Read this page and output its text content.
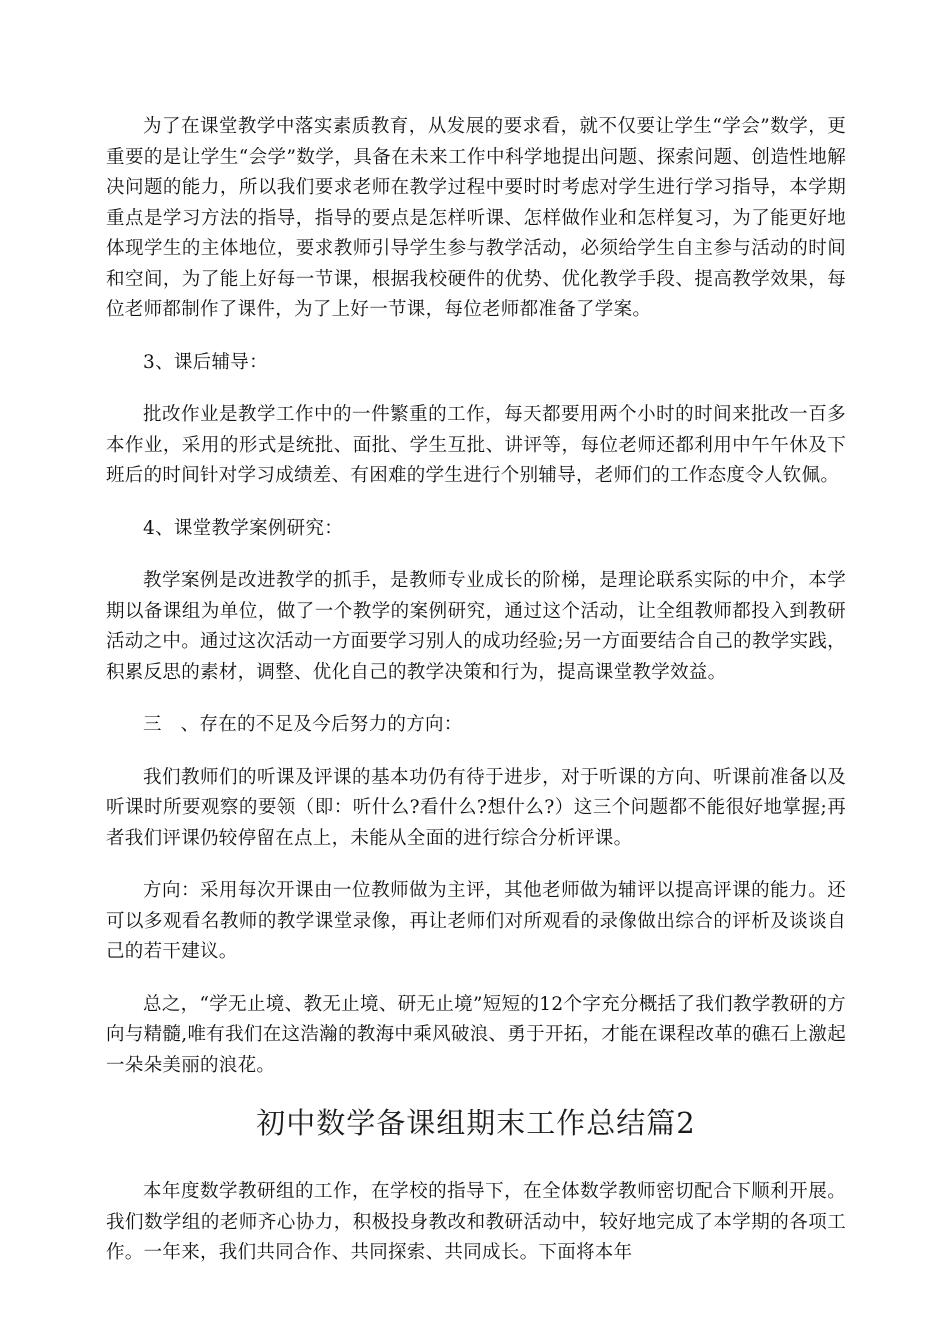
为了在课堂教学中落实素质教育，从发展的要求看，就不仅要让学生“学会”数学，更重要的是让学生“会学”数学，具备在未来工作中科学地提出问题、探索问题、创造性地解决问题的能力，所以我们要求老师在教学过程中要时时考虑对学生进行学习指导，本学期重点是学习方法的指导，指导的要点是怎样听课、怎样做作业和怎样复习，为了能更好地体现学生的主体地位，要求教师引导学生参与教学活动，必须给学生自主参与活动的时间和空间，为了能上好每一节课，根据我校硬件的优势、优化教学手段、提高教学效果，每位老师都制作了课件，为了上好一节课，每位老师都准备了学案。

3、课后辅导：

批改作业是教学工作中的一件繁重的工作，每天都要用两个小时的时间来批改一百多本作业，采用的形式是统批、面批、学生互批、讲评等，每位老师还都利用中午午休及下班后的时间针对学习成绩差、有困难的学生进行个别辅导，老师们的工作态度令人钦佩。

4、课堂教学案例研究：

教学案例是改进教学的抓手，是教师专业成长的阶梯，是理论联系实际的中介，本学期以备课组为单位，做了一个教学的案例研究，通过这个活动，让全组教师都投入到教研活动之中。通过这次活动一方面要学习别人的成功经验;另一方面要结合自己的教学实践，积累反思的素材，调整、优化自己的教学决策和行为，提高课堂教学效益。

三　、存在的不足及今后努力的方向：

我们教师们的听课及评课的基本功仍有待于进步，对于听课的方向、听课前准备以及听课时所要观察的要领（即：听什么?看什么?想什么?）这三个问题都不能很好地掌握;再者我们评课仍较停留在点上，未能从全面的进行综合分析评课。

方向：采用每次开课由一位教师做为主评，其他老师做为辅评以提高评课的能力。还可以多观看名教师的教学课堂录像，再让老师们对所观看的录像做出综合的评析及谈谈自己的若干建议。

总之，“学无止境、教无止境、研无止境”短短的12个字充分概括了我们教学教研的方向与精髓,唯有我们在这浩瀚的教海中乘风破浪、勇于开拓，才能在课程改革的礁石上激起一朵朵美丽的浪花。

初中数学备课组期末工作总结篇2

本年度数学教研组的工作，在学校的指导下，在全体数学教师密切配合下顺利开展。我们数学组的老师齐心协力，积极投身教改和教研活动中，较好地完成了本学期的各项工作。一年来，我们共同合作、共同探索、共同成长。下面将本年
